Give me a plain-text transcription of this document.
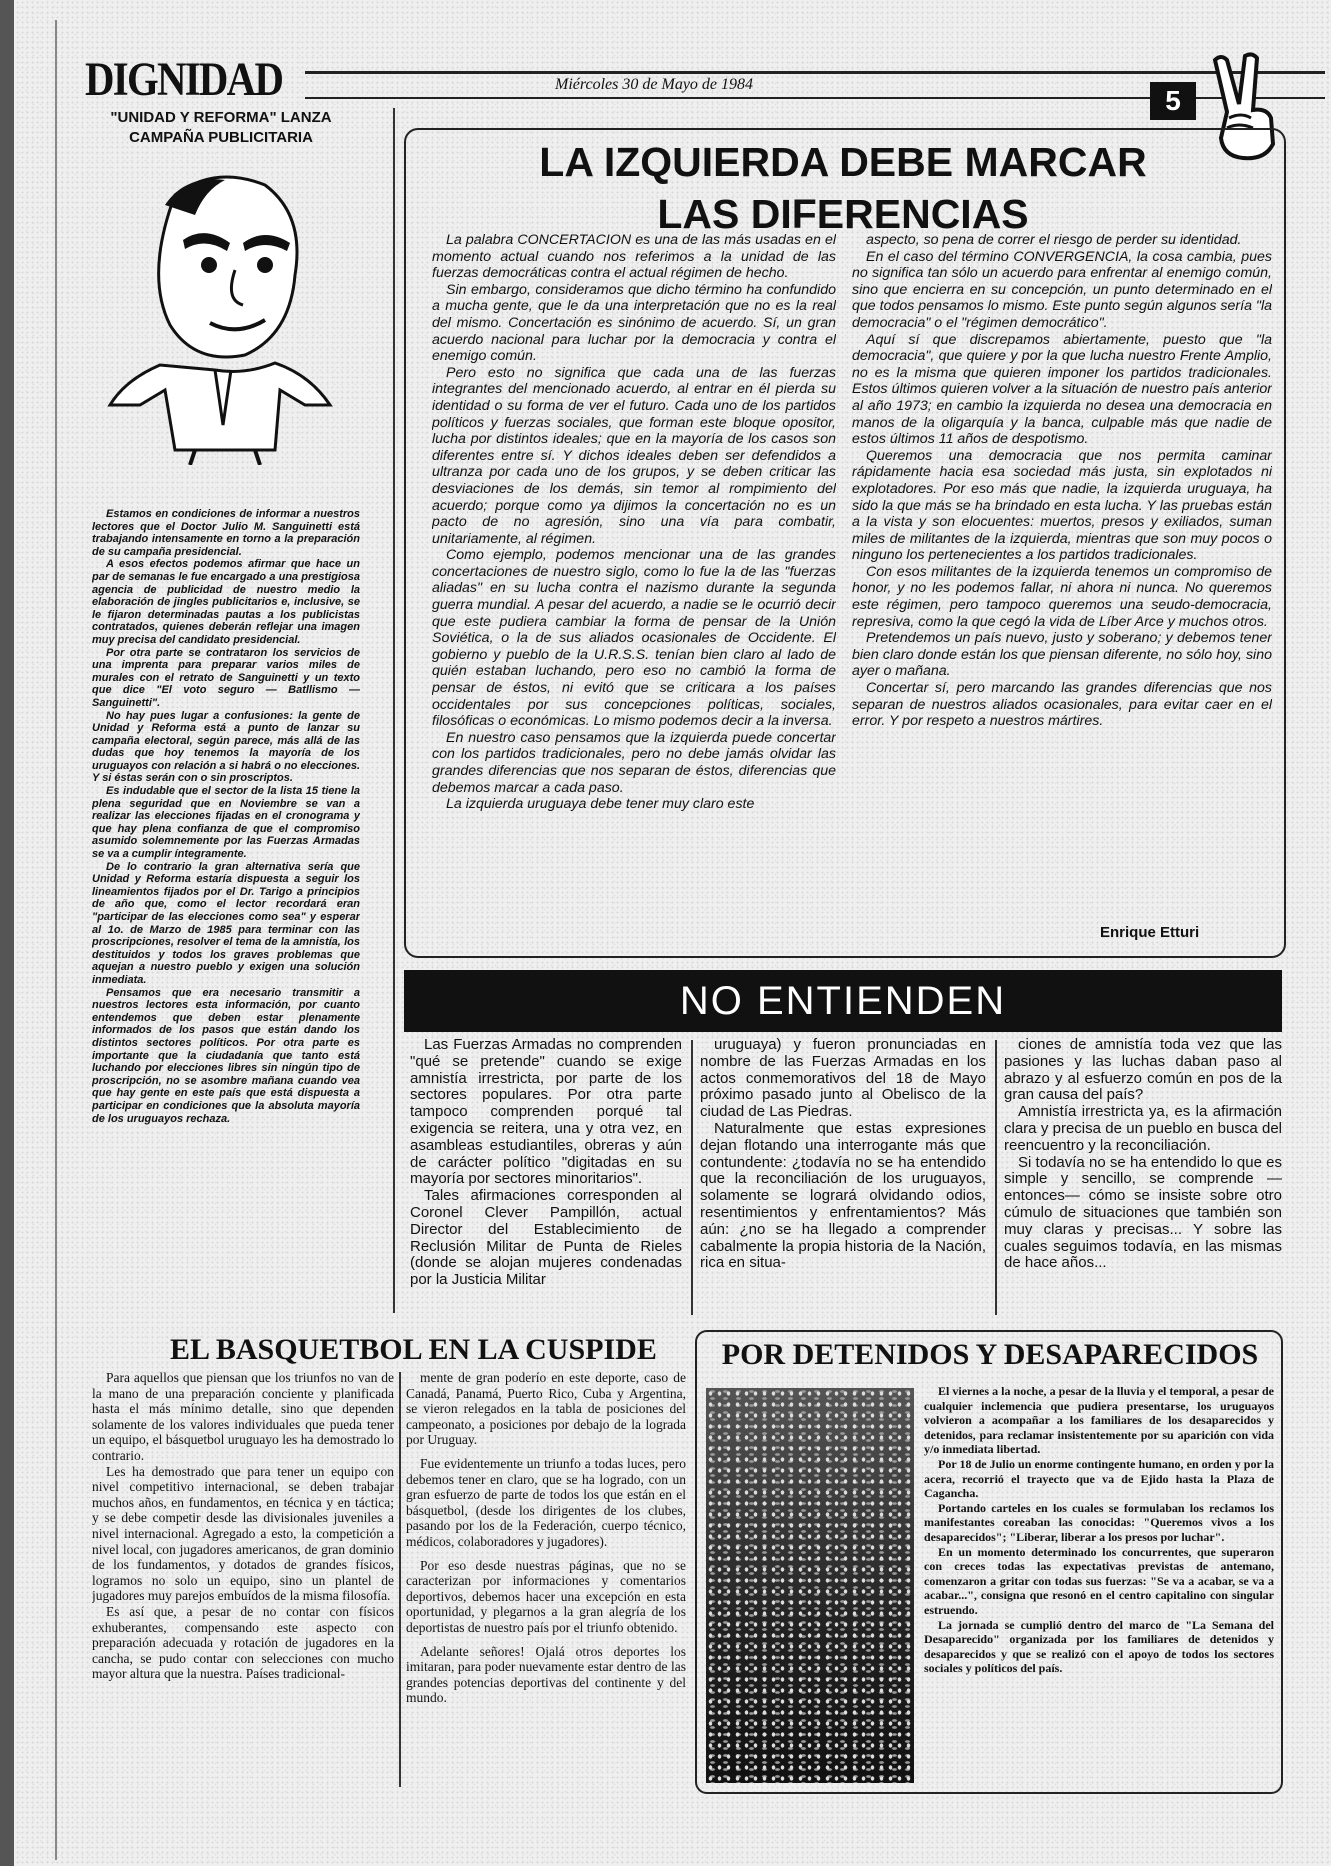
DIGNIDAD	Miércoles 30 de Mayo de 1984
5
"UNIDAD Y REFORMA" LANZA CAMPAÑA PUBLICITARIA

Estamos en condiciones de informar a nuestros lectores que el Doctor Julio M. Sanguinetti está trabajando intensamente en torno a la preparación de su campaña presidencial.

A esos efectos podemos afirmar que hace un par de semanas le fue encargado a una prestigiosa agencia de publicidad de nuestro medio la elaboración de jingles publicitarios e, inclusive, se le fijaron determinadas pautas a los publicistas contratados, quienes deberán reflejar una imagen muy precisa del candidato presidencial.

Por otra parte se contrataron los servicios de una imprenta para preparar varios miles de murales con el retrato de Sanguinetti y un texto que dice "El voto seguro — Batllismo — Sanguinetti".

No hay pues lugar a confusiones: la gente de Unidad y Reforma está a punto de lanzar su campaña electoral, según parece, más allá de las dudas que hoy tenemos la mayoría de los uruguayos con relación a si habrá o no elecciones. Y si éstas serán con o sin proscriptos.

Es indudable que el sector de la lista 15 tiene la plena seguridad que en Noviembre se van a realizar las elecciones fijadas en el cronograma y que hay plena confianza de que el compromiso asumido solemnemente por las Fuerzas Armadas se va a cumplir íntegramente.

De lo contrario la gran alternativa sería que Unidad y Reforma estaría dispuesta a seguir los lineamientos fijados por el Dr. Tarigo a principios de año que, como el lector recordará eran "participar de las elecciones como sea" y esperar al 1o. de Marzo de 1985 para terminar con las proscripciones, resolver el tema de la amnistía, los destituidos y todos los graves problemas que aquejan a nuestro pueblo y exigen una solución inmediata.

Pensamos que era necesario transmitir a nuestros lectores esta información, por cuanto entendemos que deben estar plenamente informados de los pasos que están dando los distintos sectores políticos. Por otra parte es importante que la ciudadanía que tanto está luchando por elecciones libres sin ningún tipo de proscripción, no se asombre mañana cuando vea que hay gente en este país que está dispuesta a participar en condiciones que la absoluta mayoría de los uruguayos rechaza.

LA IZQUIERDA DEBE MARCAR
LAS DIFERENCIAS

La palabra CONCERTACION es una de las más usadas en el momento actual cuando nos referimos a la unidad de las fuerzas democráticas contra el actual régimen de hecho.

Sin embargo, consideramos que dicho término ha confundido a mucha gente, que le da una interpretación que no es la real del mismo. Concertación es sinónimo de acuerdo. Sí, un gran acuerdo nacional para luchar por la democracia y contra el enemigo común.

Pero esto no significa que cada una de las fuerzas integrantes del mencionado acuerdo, al entrar en él pierda su identidad o su forma de ver el futuro. Cada uno de los partidos políticos y fuerzas sociales, que forman este bloque opositor, lucha por distintos ideales; que en la mayoría de los casos son diferentes entre sí. Y dichos ideales deben ser defendidos a ultranza por cada uno de los grupos, y se deben criticar las desviaciones de los demás, sin temor al rompimiento del acuerdo; porque como ya dijimos la concertación no es un pacto de no agresión, sino una vía para combatir, unitariamente, al régimen.

Como ejemplo, podemos mencionar una de las grandes concertaciones de nuestro siglo, como lo fue la de las "fuerzas aliadas" en su lucha contra el nazismo durante la segunda guerra mundial. A pesar del acuerdo, a nadie se le ocurrió decir que este pudiera cambiar la forma de pensar de la Unión Soviética, o la de sus aliados ocasionales de Occidente. El gobierno y pueblo de la U.R.S.S. tenían bien claro al lado de quién estaban luchando, pero eso no cambió la forma de pensar de éstos, ni evitó que se criticara a los países occidentales por sus concepciones políticas, sociales, filosóficas o económicas. Lo mismo podemos decir a la inversa.

En nuestro caso pensamos que la izquierda puede concertar con los partidos tradicionales, pero no debe jamás olvidar las grandes diferencias que nos separan de éstos, diferencias que debemos marcar a cada paso.

La izquierda uruguaya debe tener muy claro este

aspecto, so pena de correr el riesgo de perder su identidad.

En el caso del término CONVERGENCIA, la cosa cambia, pues no significa tan sólo un acuerdo para enfrentar al enemigo común, sino que encierra en su concepción, un punto determinado en el que todos pensamos lo mismo. Este punto según algunos sería "la democracia" o el "régimen democrático".

Aquí sí que discrepamos abiertamente, puesto que "la democracia", que quiere y por la que lucha nuestro Frente Amplio, no es la misma que quieren imponer los partidos tradicionales. Estos últimos quieren volver a la situación de nuestro país anterior al año 1973; en cambio la izquierda no desea una democracia en manos de la oligarquía y la banca, culpable más que nadie de estos últimos 11 años de despotismo.

Queremos una democracia que nos permita caminar rápidamente hacia esa sociedad más justa, sin explotados ni explotadores. Por eso más que nadie, la izquierda uruguaya, ha sido la que más se ha brindado en esta lucha. Y las pruebas están a la vista y son elocuentes: muertos, presos y exiliados, suman miles de militantes de la izquierda, mientras que son muy pocos o ninguno los pertenecientes a los partidos tradicionales.

Con esos militantes de la izquierda tenemos un compromiso de honor, y no les podemos fallar, ni ahora ni nunca. No queremos este régimen, pero tampoco queremos una seudo-democracia, represiva, como la que cegó la vida de Líber Arce y muchos otros.

Pretendemos un país nuevo, justo y soberano; y debemos tener bien claro donde están los que piensan diferente, no sólo hoy, sino ayer o mañana.

Concertar sí, pero marcando las grandes diferencias que nos separan de nuestros aliados ocasionales, para evitar caer en el error. Y por respeto a nuestros mártires.

Enrique Etturi
NO ENTIENDEN

Las Fuerzas Armadas no comprenden "qué se pretende" cuando se exige amnistía irrestricta, por parte de los sectores populares. Por otra parte tampoco comprenden porqué tal exigencia se reitera, una y otra vez, en asambleas estudiantiles, obreras y aún de carácter político "digitadas en su mayoría por sectores minoritarios".

Tales afirmaciones corresponden al Coronel Clever Pampillón, actual Director del Establecimiento de Reclusión Militar de Punta de Rieles (donde se alojan mujeres condenadas por la Justicia Militar

uruguaya) y fueron pronunciadas en nombre de las Fuerzas Armadas en los actos conmemorativos del 18 de Mayo próximo pasado junto al Obelisco de la ciudad de Las Piedras.

Naturalmente que estas expresiones dejan flotando una interrogante más que contundente: ¿todavía no se ha entendido que la reconciliación de los uruguayos, solamente se logrará olvidando odios, resentimientos y enfrentamientos? Más aún: ¿no se ha llegado a comprender cabalmente la propia historia de la Nación, rica en situa-

ciones de amnistía toda vez que las pasiones y las luchas daban paso al abrazo y al esfuerzo común en pos de la gran causa del país?

Amnistía irrestricta ya, es la afirmación clara y precisa de un pueblo en busca del reencuentro y la reconciliación.

Si todavía no se ha entendido lo que es simple y sencillo, se comprende —entonces— cómo se insiste sobre otro cúmulo de situaciones que también son muy claras y precisas... Y sobre las cuales seguimos todavía, en las mismas de hace años...

EL BASQUETBOL EN LA CUSPIDE

Para aquellos que piensan que los triunfos no van de la mano de una preparación conciente y planificada hasta el más mínimo detalle, sino que dependen solamente de los valores individuales que pueda tener un equipo, el básquetbol uruguayo les ha demostrado lo contrario.

Les ha demostrado que para tener un equipo con nivel competitivo internacional, se deben trabajar muchos años, en fundamentos, en técnica y en táctica; y se debe competir desde las divisionales juveniles a nivel internacional. Agregado a esto, la competición a nivel local, con jugadores americanos, de gran dominio de los fundamentos, y dotados de grandes físicos, logramos no solo un equipo, sino un plantel de jugadores muy parejos embuídos de la misma filosofía.

Es así que, a pesar de no contar con físicos exhuberantes, compensando este aspecto con preparación adecuada y rotación de jugadores en la cancha, se pudo contar con selecciones con mucho mayor altura que la nuestra. Países tradicional-

mente de gran poderío en este deporte, caso de Canadá, Panamá, Puerto Rico, Cuba y Argentina, se vieron relegados en la tabla de posiciones del campeonato, a posiciones por debajo de la lograda por Uruguay.

Fue evidentemente un triunfo a todas luces, pero debemos tener en claro, que se ha logrado, con un gran esfuerzo de parte de todos los que están en el básquetbol, (desde los dirigentes de los clubes, pasando por los de la Federación, cuerpo técnico, médicos, colaboradores y jugadores).

Por eso desde nuestras páginas, que no se caracterizan por informaciones y comentarios deportivos, debemos hacer una excepción en esta oportunidad, y plegarnos a la gran alegría de los deportistas de nuestro país por el triunfo obtenido.

Adelante señores! Ojalá otros deportes los imitaran, para poder nuevamente estar dentro de las grandes potencias deportivas del continente y del mundo.

POR DETENIDOS Y DESAPARECIDOS

El viernes a la noche, a pesar de la lluvia y el temporal, a pesar de cualquier inclemencia que pudiera presentarse, los uruguayos volvieron a acompañar a los familiares de los desaparecidos y detenidos, para reclamar insistentemente por su aparición con vida y/o inmediata libertad.

Por 18 de Julio un enorme contingente humano, en orden y por la acera, recorrió el trayecto que va de Ejido hasta la Plaza de Cagancha.

Portando carteles en los cuales se formulaban los reclamos los manifestantes coreaban las conocidas: "Queremos vivos a los desaparecidos"; "Liberar, liberar a los presos por luchar".

En un momento determinado los concurrentes, que superaron con creces todas las expectativas previstas de antemano, comenzaron a gritar con todas sus fuerzas: "Se va a acabar, se va a acabar...", consigna que resonó en el centro capitalino con singular estruendo.

La jornada se cumplió dentro del marco de "La Semana del Desaparecido" organizada por los familiares de detenidos y desaparecidos y que se realizó con el apoyo de todos los sectores sociales y políticos del país.
